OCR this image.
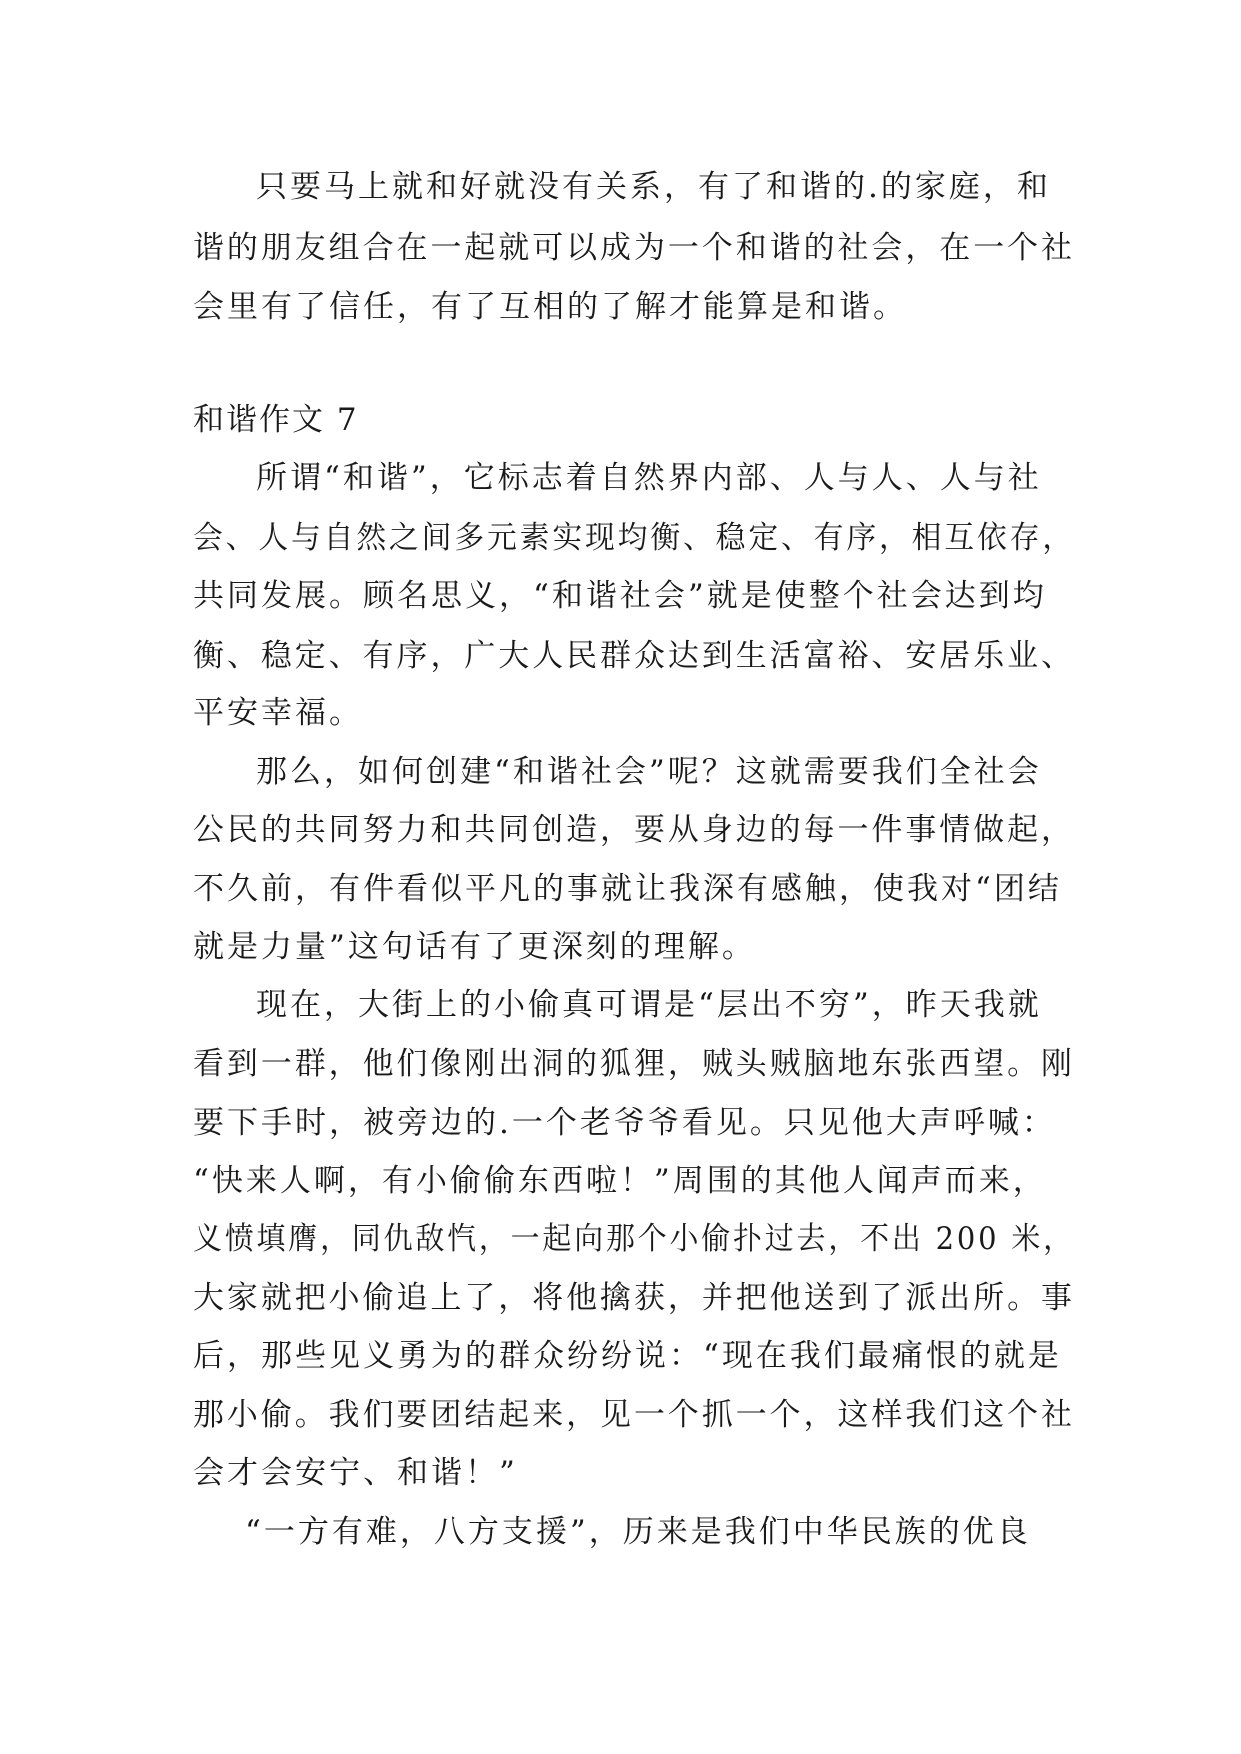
只要马上就和好就没有关系，有了和谐的.的家庭，和

谐的朋友组合在一起就可以成为一个和谐的社会，在一个社

会里有了信任，有了互相的了解才能算是和谐。

和谐作文 7

所谓“和谐”，它标志着自然界内部、人与人、人与社

会、人与自然之间多元素实现均衡、稳定、有序，相互依存，

共同发展。顾名思义，“和谐社会”就是使整个社会达到均

衡、稳定、有序，广大人民群众达到生活富裕、安居乐业、

平安幸福。

那么，如何创建“和谐社会”呢？这就需要我们全社会

公民的共同努力和共同创造，要从身边的每一件事情做起，

不久前，有件看似平凡的事就让我深有感触，使我对“团结

就是力量”这句话有了更深刻的理解。

现在，大街上的小偷真可谓是“层出不穷”，昨天我就

看到一群，他们像刚出洞的狐狸，贼头贼脑地东张西望。刚

要下手时，被旁边的.一个老爷爷看见。只见他大声呼喊：

“快来人啊，有小偷偷东西啦！”周围的其他人闻声而来，

义愤填膺，同仇敌忾，一起向那个小偷扑过去，不出 200 米，

大家就把小偷追上了，将他擒获，并把他送到了派出所。事

后，那些见义勇为的群众纷纷说：“现在我们最痛恨的就是

那小偷。我们要团结起来，见一个抓一个，这样我们这个社

会才会安宁、和谐！”

“一方有难，八方支援”，历来是我们中华民族的优良
